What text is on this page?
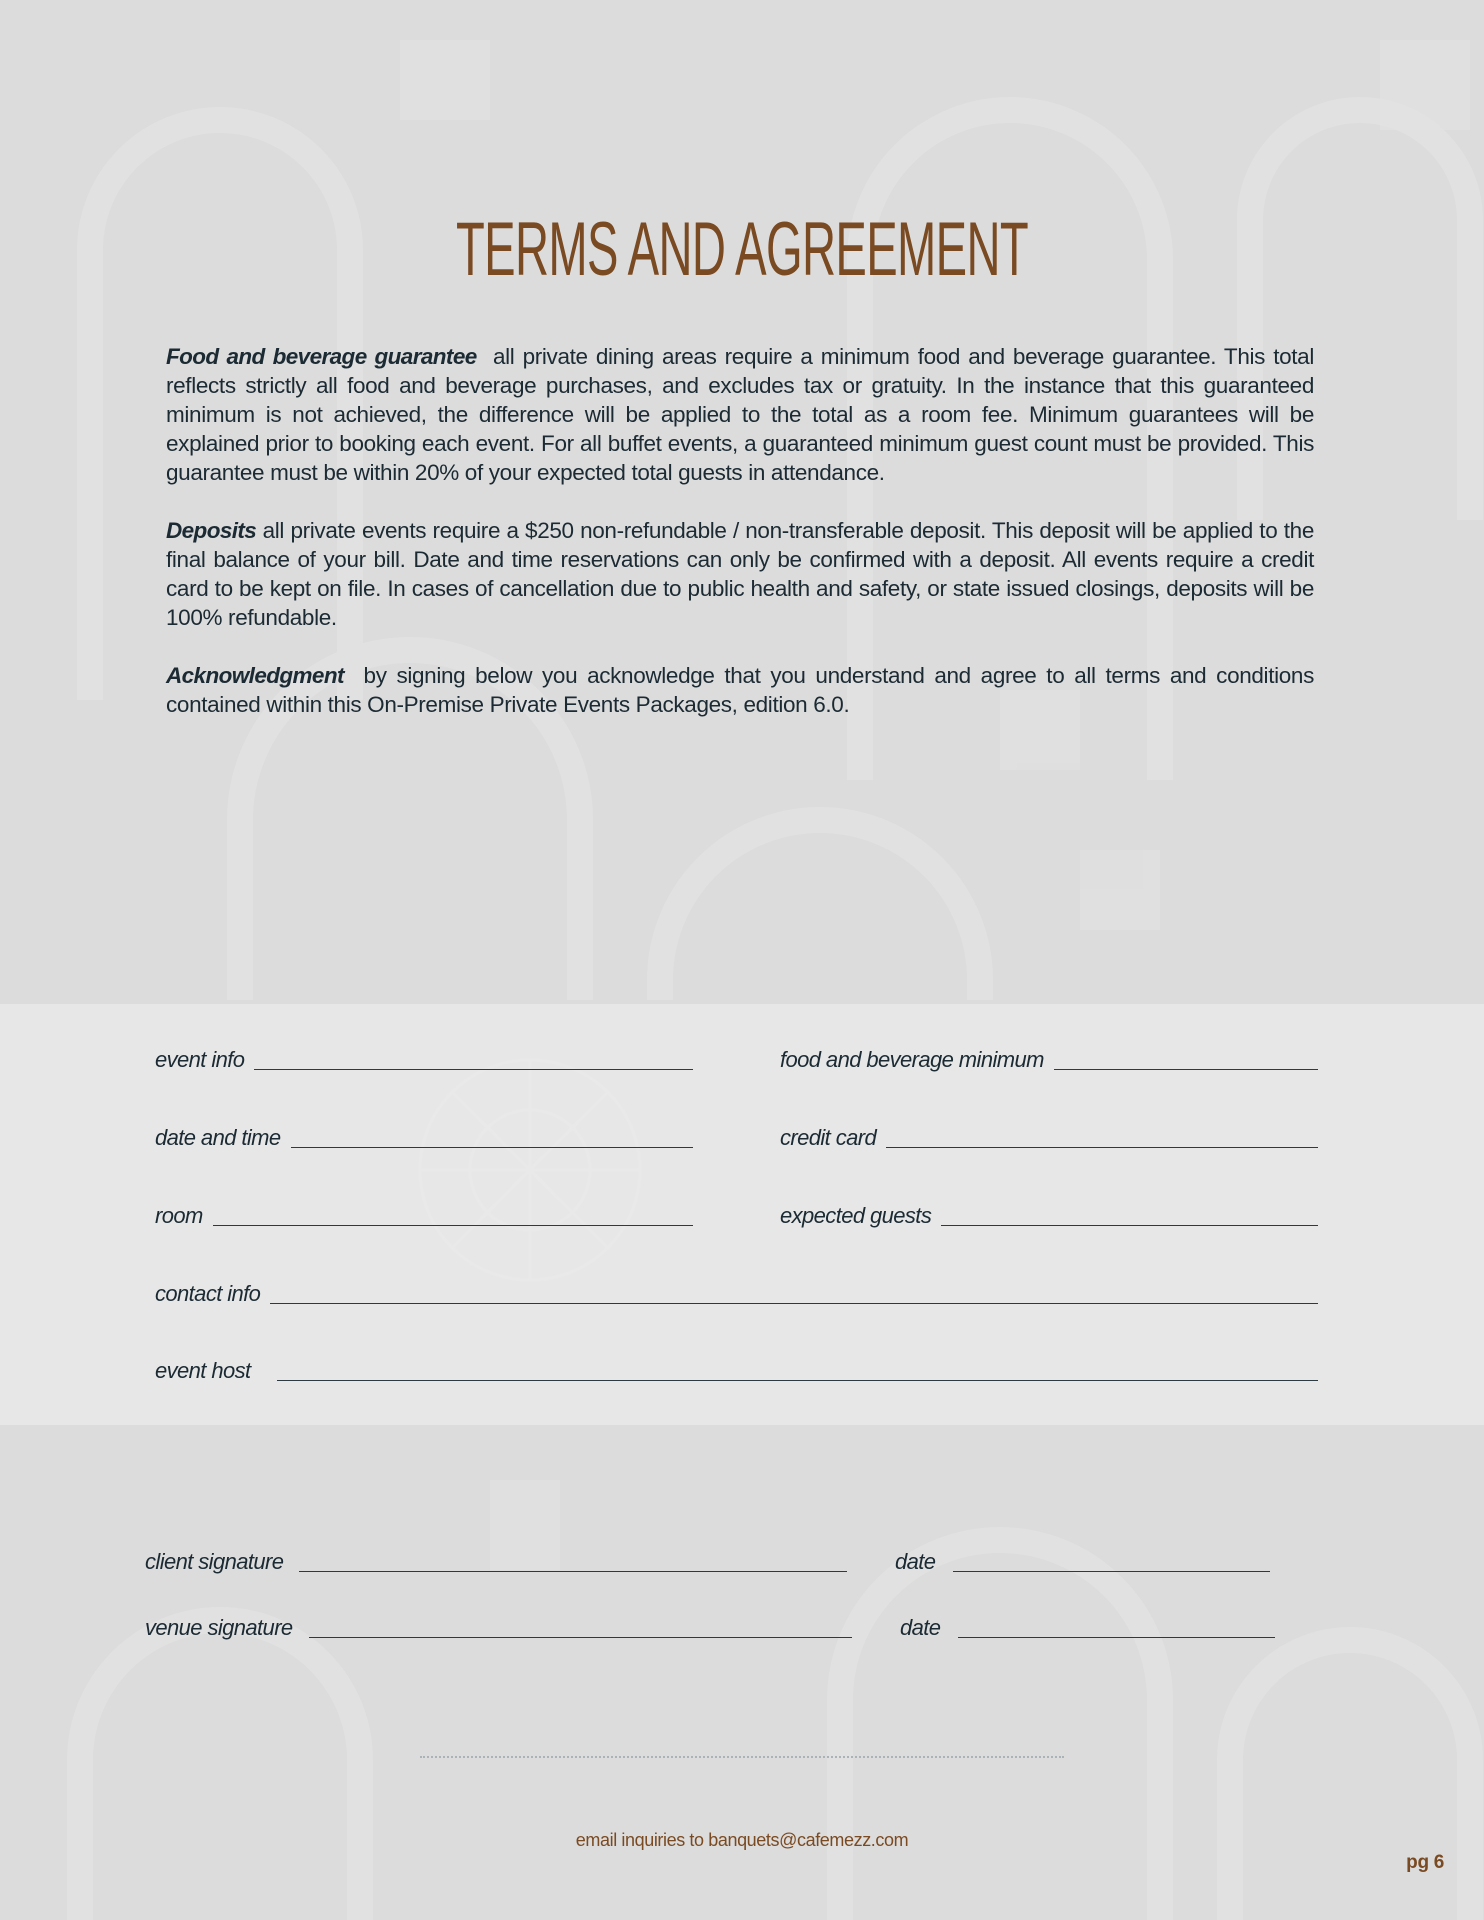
TERMS AND AGREEMENT

Food and beverage guarantee all private dining areas require a minimum food and beverage guarantee. This total reflects strictly all food and beverage purchases, and excludes tax or gratuity. In the instance that this guaranteed minimum is not achieved, the difference will be applied to the total as a room fee. Minimum guarantees will be explained prior to booking each event. For all buffet events, a guaranteed minimum guest count must be provided. This guarantee must be within 20% of your expected total guests in attendance.

Deposits all private events require a $250 non-refundable / non-transferable deposit. This deposit will be applied to the final balance of your bill. Date and time reservations can only be confirmed with a deposit. All events require a credit card to be kept on file. In cases of cancellation due to public health and safety, or state issued closings, deposits will be 100% refundable.

Acknowledgment by signing below you acknowledge that you understand and agree to all terms and conditions contained within this On-Premise Private Events Packages, edition 6.0.

event info
date and time
room
food and beverage minimum
credit card
expected guests
contact info
event host
client signature	date
venue signature	date
email inquiries to banquets@cafemezz.com
pg 6
